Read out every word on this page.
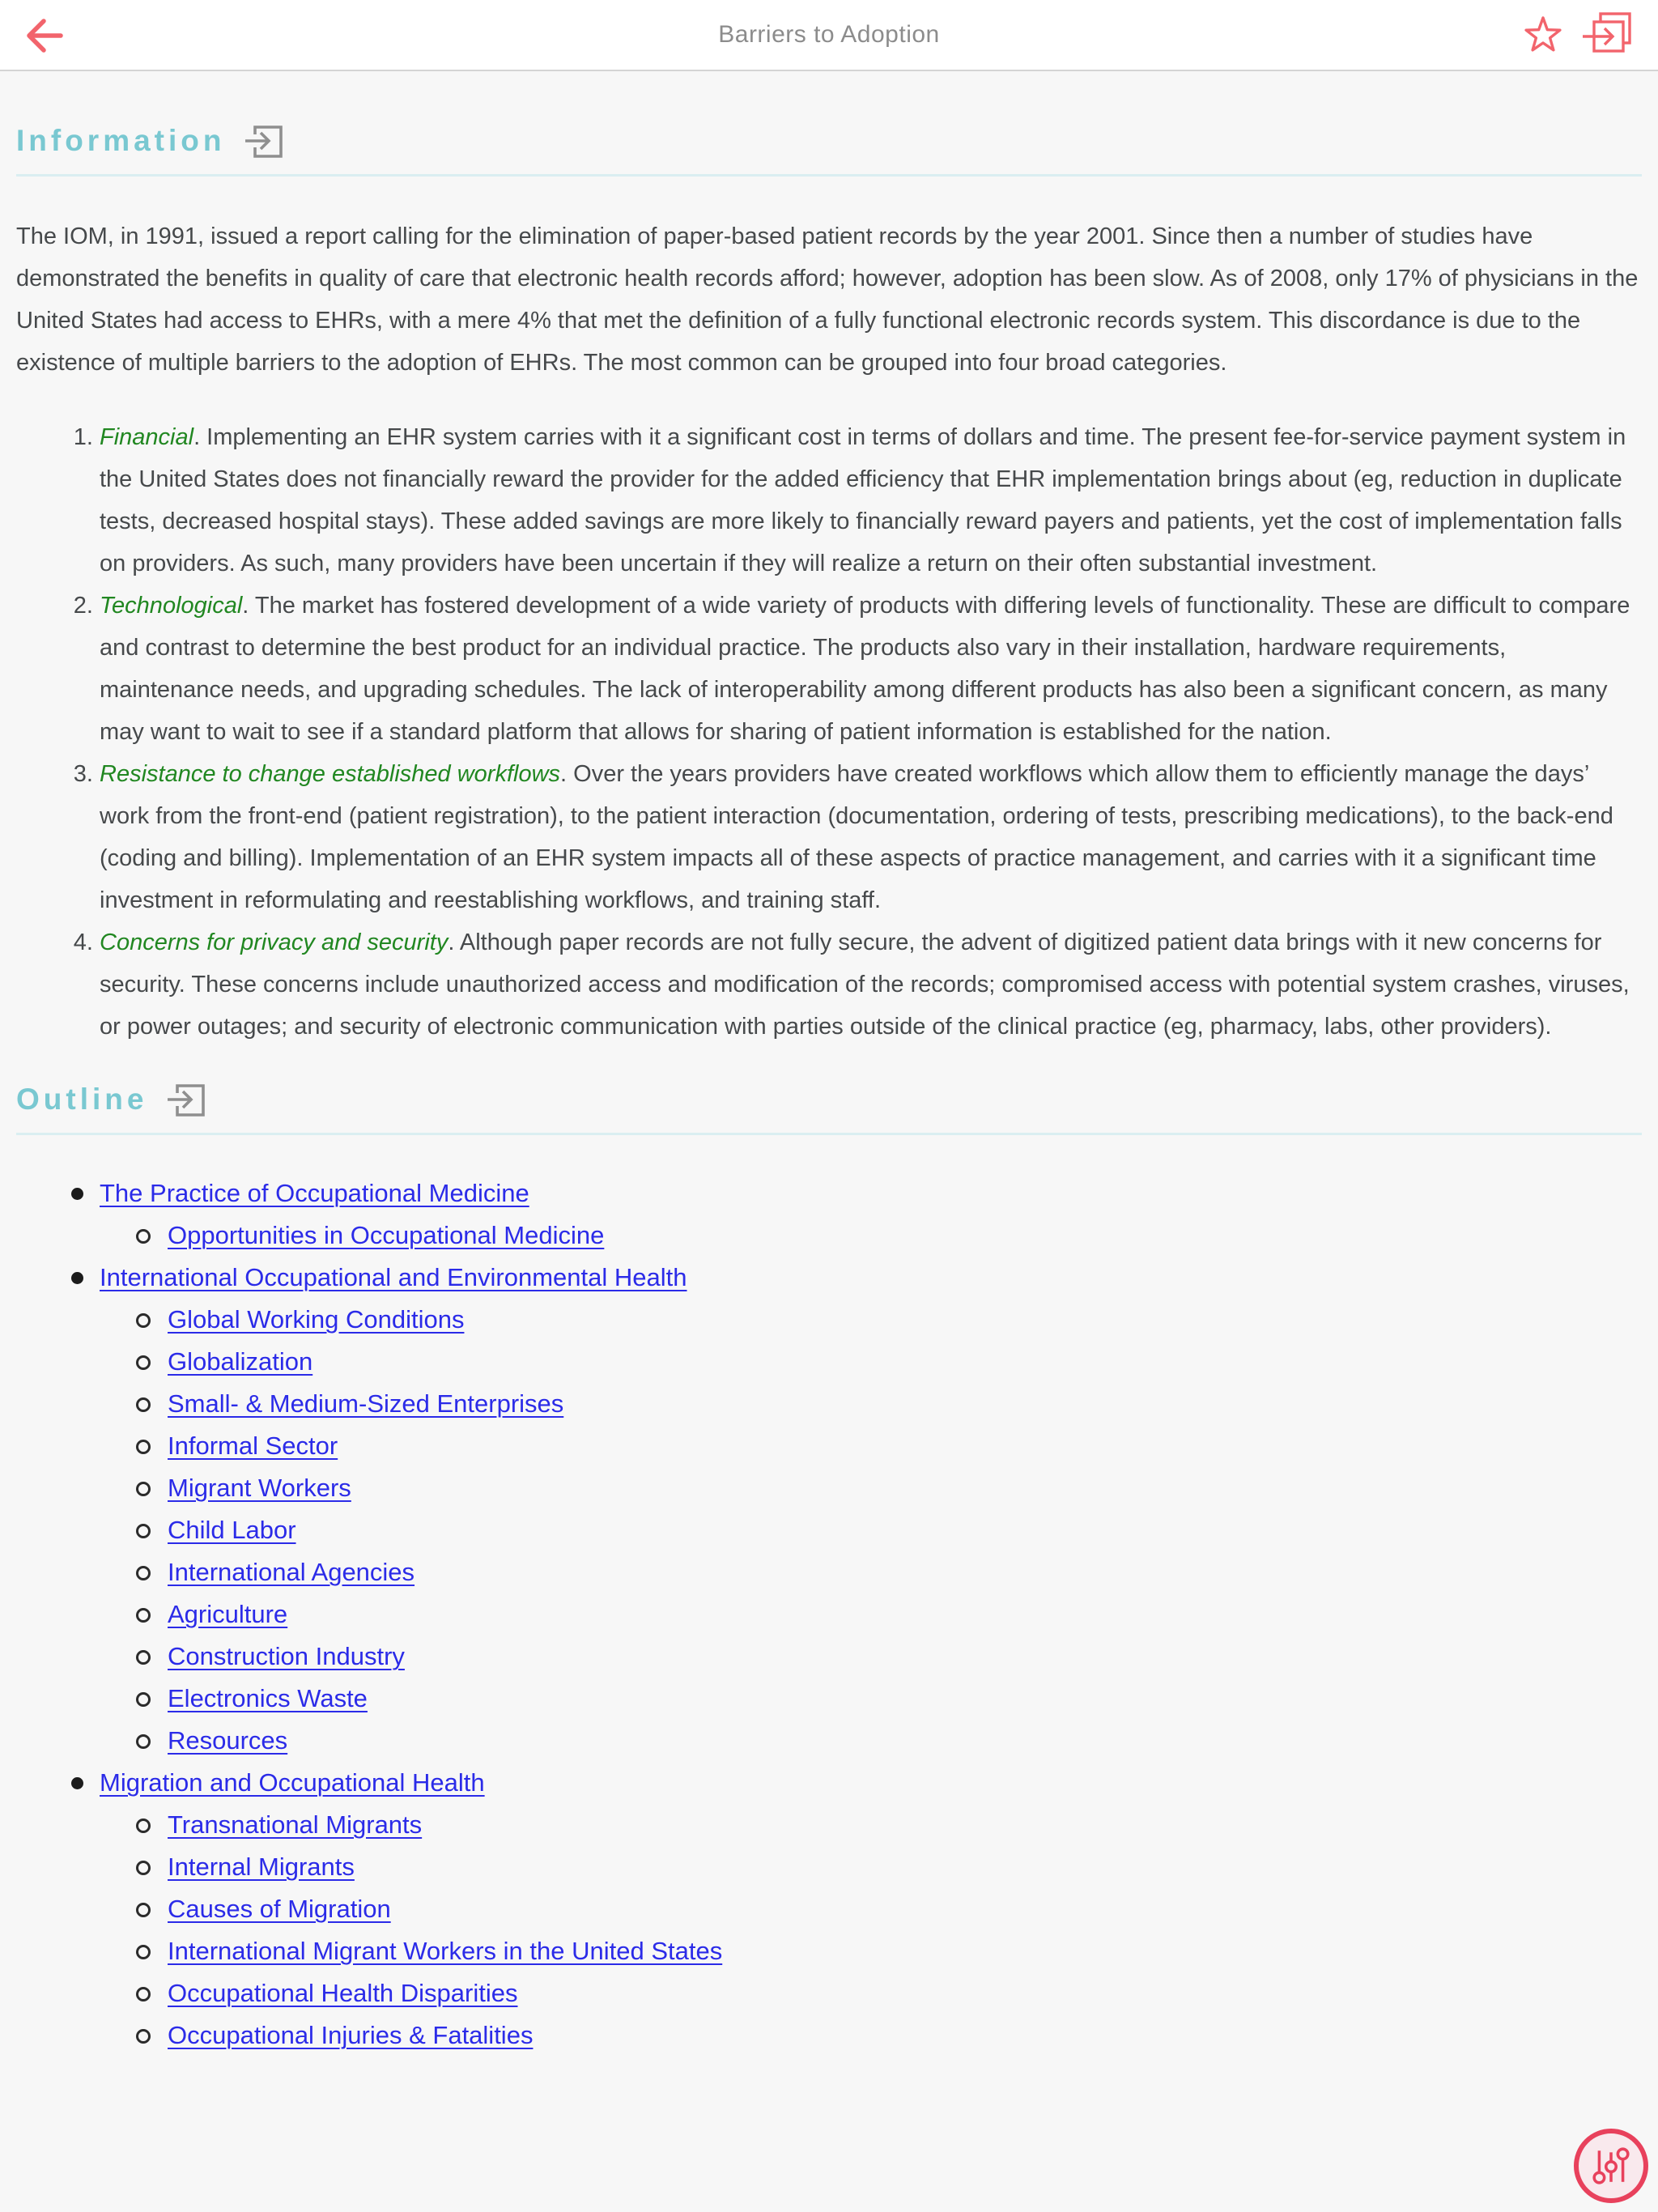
Barriers to Adoption
Information

The IOM, in 1991, issued a report calling for the elimination of paper-based patient records by the year 2001. Since then a number of studies have demonstrated the benefits in quality of care that electronic health records afford; however, adoption has been slow. As of 2008, only 17% of physicians in the United States had access to EHRs, with a mere 4% that met the definition of a fully functional electronic records system. This discordance is due to the existence of multiple barriers to the adoption of EHRs. The most common can be grouped into four broad categories.

1. Financial. Implementing an EHR system carries with it a significant cost in terms of dollars and time. The present fee-for-service payment system in the United States does not financially reward the provider for the added efficiency that EHR implementation brings about (eg, reduction in duplicate tests, decreased hospital stays). These added savings are more likely to financially reward payers and patients, yet the cost of implementation falls on providers. As such, many providers have been uncertain if they will realize a return on their often substantial investment.
2. Technological. The market has fostered development of a wide variety of products with differing levels of functionality. These are difficult to compare and contrast to determine the best product for an individual practice. The products also vary in their installation, hardware requirements, maintenance needs, and upgrading schedules. The lack of interoperability among different products has also been a significant concern, as many may want to wait to see if a standard platform that allows for sharing of patient information is established for the nation.
3. Resistance to change established workflows. Over the years providers have created workflows which allow them to efficiently manage the days’ work from the front-end (patient registration), to the patient interaction (documentation, ordering of tests, prescribing medications), to the back-end (coding and billing). Implementation of an EHR system impacts all of these aspects of practice management, and carries with it a significant time investment in reformulating and reestablishing workflows, and training staff.
4. Concerns for privacy and security. Although paper records are not fully secure, the advent of digitized patient data brings with it new concerns for security. These concerns include unauthorized access and modification of the records; compromised access with potential system crashes, viruses, or power outages; and security of electronic communication with parties outside of the clinical practice (eg, pharmacy, labs, other providers).
Outline
The Practice of Occupational Medicine
Opportunities in Occupational Medicine
International Occupational and Environmental Health
Global Working Conditions
Globalization
Small- & Medium-Sized Enterprises
Informal Sector
Migrant Workers
Child Labor
International Agencies
Agriculture
Construction Industry
Electronics Waste
Resources
Migration and Occupational Health
Transnational Migrants
Internal Migrants
Causes of Migration
International Migrant Workers in the United States
Occupational Health Disparities
Occupational Injuries & Fatalities
